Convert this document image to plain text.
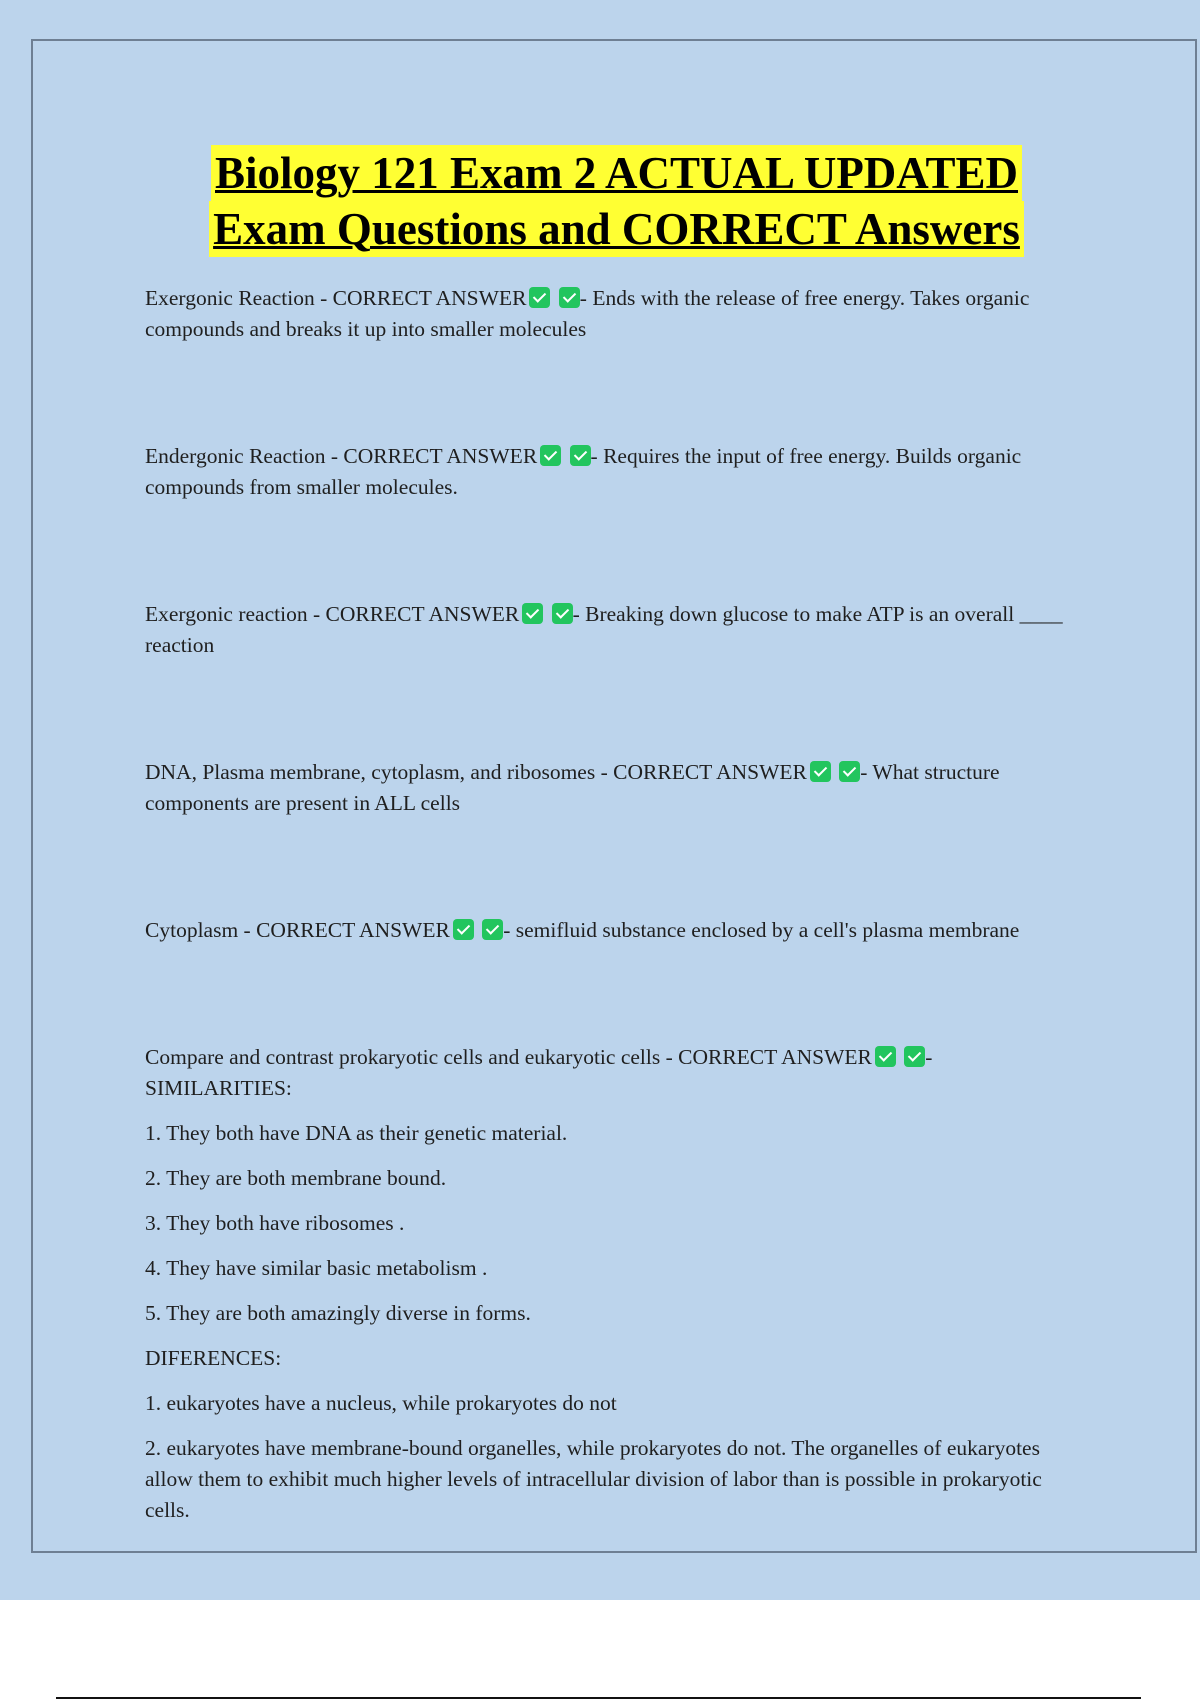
Biology 121 Exam 2 ACTUAL UPDATED
Exam Questions and CORRECT Answers

Exergonic Reaction - CORRECT ANSWER - Ends with the release of free energy. Takes organic compounds and breaks it up into smaller molecules

Endergonic Reaction - CORRECT ANSWER - Requires the input of free energy. Builds organic compounds from smaller molecules.

Exergonic reaction - CORRECT ANSWER - Breaking down glucose to make ATP is an overall ____ reaction

DNA, Plasma membrane, cytoplasm, and ribosomes - CORRECT ANSWER - What structure components are present in ALL cells

Cytoplasm - CORRECT ANSWER - semifluid substance enclosed by a cell's plasma membrane

Compare and contrast prokaryotic cells and eukaryotic cells - CORRECT ANSWER - SIMILARITIES:

1. They both have DNA as their genetic material.

2. They are both membrane bound.

3. They both have ribosomes .

4. They have similar basic metabolism .

5. They are both amazingly diverse in forms.

DIFERENCES:

1. eukaryotes have a nucleus, while prokaryotes do not

2. eukaryotes have membrane-bound organelles, while prokaryotes do not. The organelles of eukaryotes allow them to exhibit much higher levels of intracellular division of labor than is possible in prokaryotic cells.
